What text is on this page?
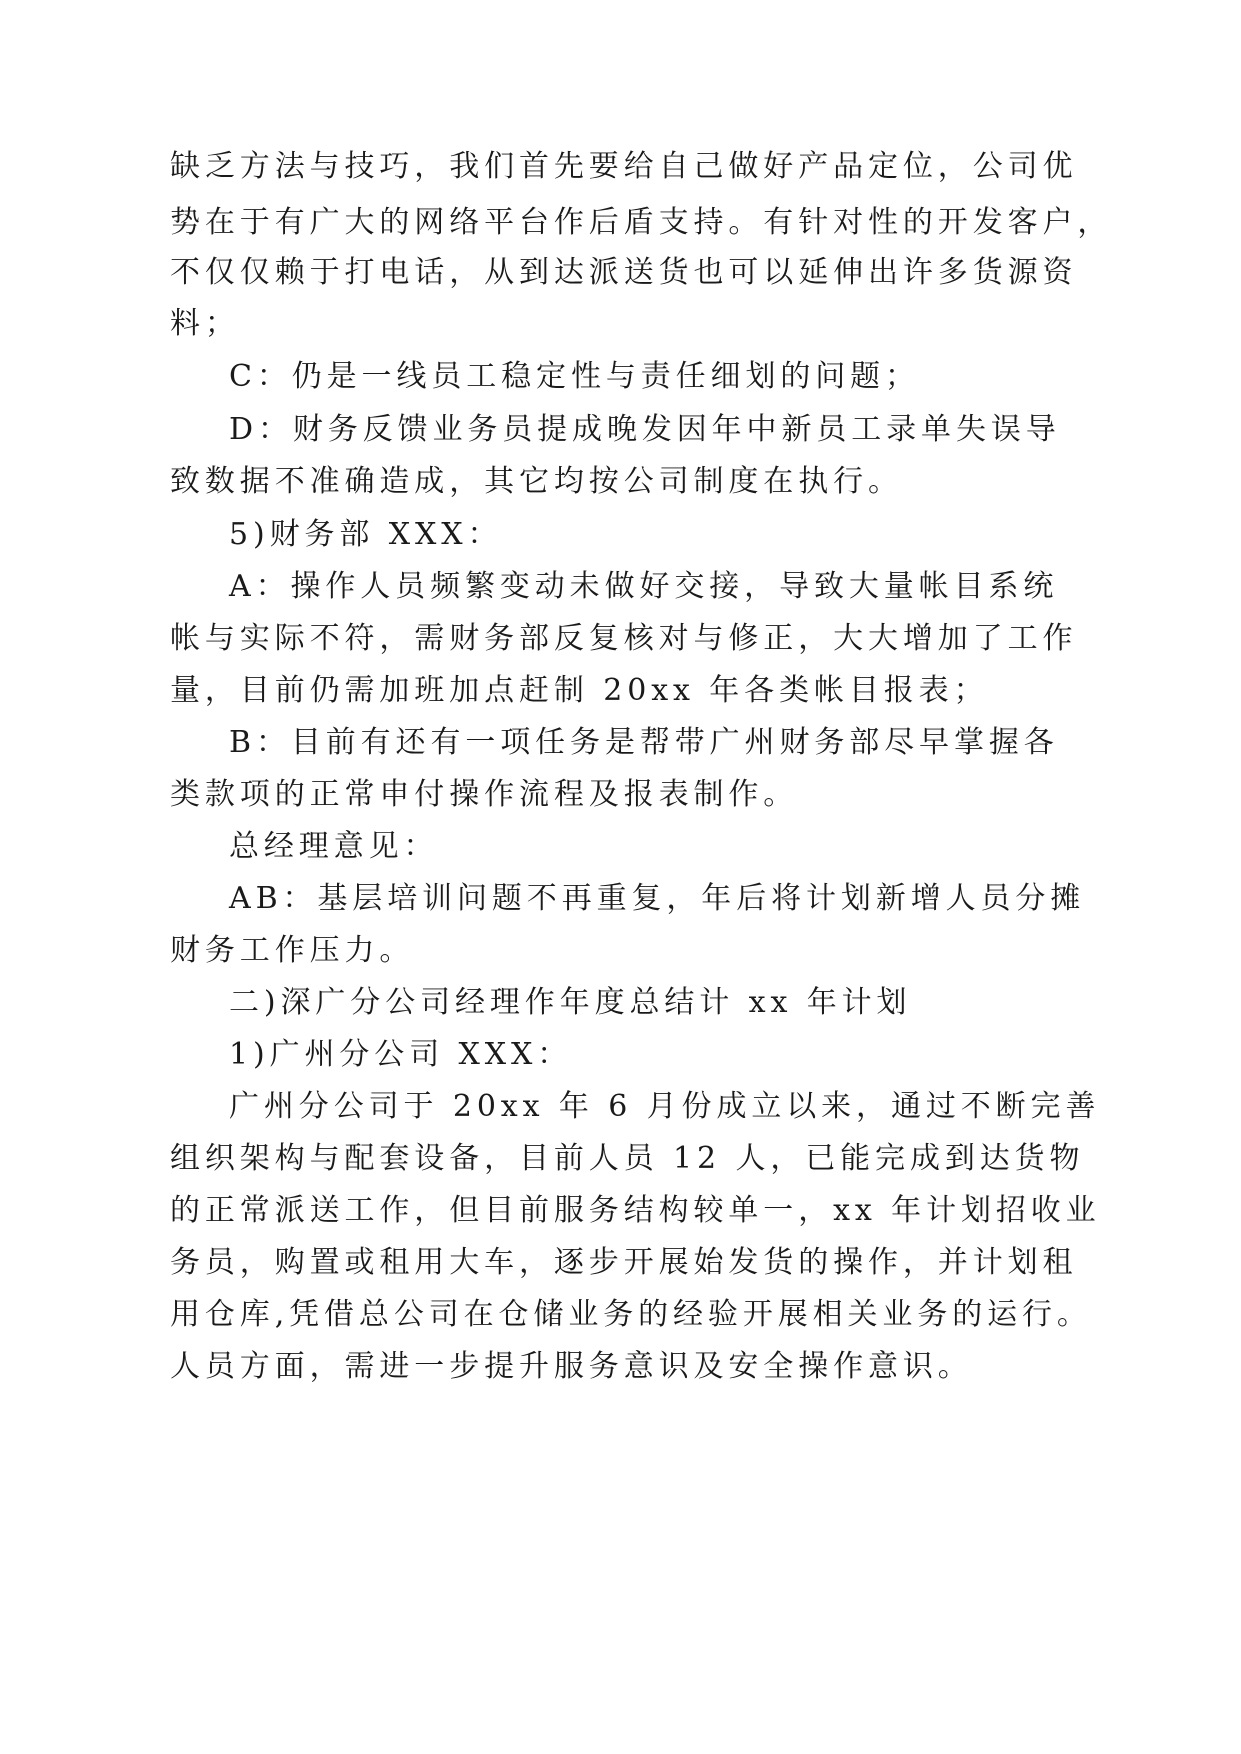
缺乏方法与技巧，我们首先要给自己做好产品定位，公司优
势在于有广大的网络平台作后盾支持。有针对性的开发客户，
不仅仅赖于打电话，从到达派送货也可以延伸出许多货源资
料；
C：仍是一线员工稳定性与责任细划的问题；
D：财务反馈业务员提成晚发因年中新员工录单失误导
致数据不准确造成，其它均按公司制度在执行。
5)财务部 XXX：
A：操作人员频繁变动未做好交接，导致大量帐目系统
帐与实际不符，需财务部反复核对与修正，大大增加了工作
量，目前仍需加班加点赶制 20xx 年各类帐目报表；
B：目前有还有一项任务是帮带广州财务部尽早掌握各
类款项的正常申付操作流程及报表制作。
总经理意见：
AB：基层培训问题不再重复，年后将计划新增人员分摊
财务工作压力。
二)深广分公司经理作年度总结计 xx 年计划
1)广州分公司 XXX：
广州分公司于 20xx 年 6 月份成立以来，通过不断完善
组织架构与配套设备，目前人员 12 人，已能完成到达货物
的正常派送工作，但目前服务结构较单一，xx 年计划招收业
务员，购置或租用大车，逐步开展始发货的操作，并计划租
用仓库,凭借总公司在仓储业务的经验开展相关业务的运行。
人员方面，需进一步提升服务意识及安全操作意识。
